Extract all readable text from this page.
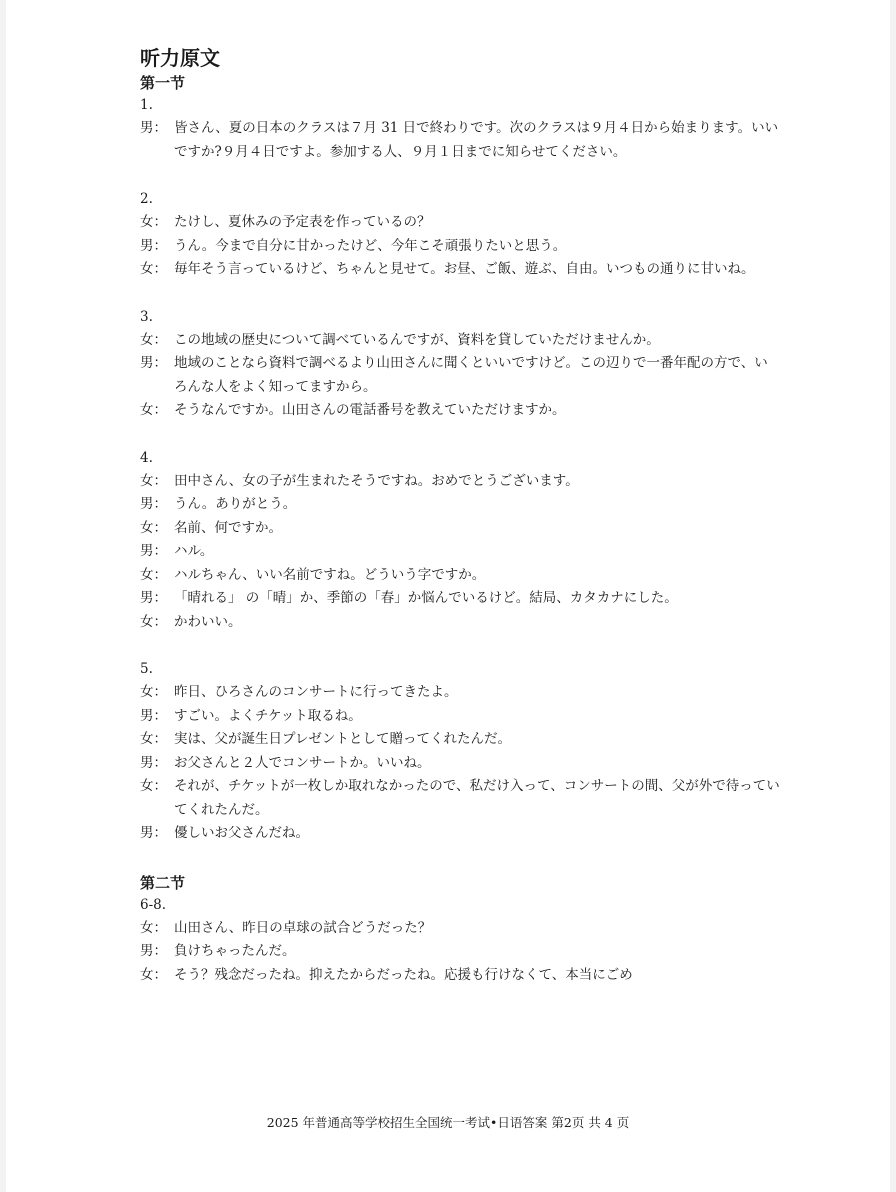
听力原文
第一节

1.

男： 皆さん、夏の日本のクラスは７月 31 日で終わりです。次のクラスは９月４日から始まります。いいですか?９月４日ですよ。参加する人、９月１日までに知らせてください。

2.

女： たけし、夏休みの予定表を作っているの？
男： うん。今まで自分に甘かったけど、今年こそ頑張りたいと思う。
女： 毎年そう言っているけど、ちゃんと見せて。お昼、ご飯、遊ぶ、自由。いつもの通りに甘いね。

3.

女： この地域の歴史について調べているんですが、資料を貸していただけませんか。
男： 地域のことなら資料で調べるより山田さんに聞くといいですけど。この辺りで一番年配の方で、いろんな人をよく知ってますから。
女： そうなんですか。山田さんの電話番号を教えていただけますか。

4.

女： 田中さん、女の子が生まれたそうですね。おめでとうございます。
男： うん。ありがとう。
女： 名前、何ですか。
男： ハル。
女： ハルちゃん、いい名前ですね。どういう字ですか。
男： 「晴れる」 の「晴」か、季節の「春」か悩んでいるけど。結局、カタカナにした。
女： かわいい。

5.

女： 昨日、ひろさんのコンサートに行ってきたよ。
男： すごい。よくチケット取るね。
女： 実は、父が誕生日プレゼントとして贈ってくれたんだ。
男： お父さんと２人でコンサートか。いいね。
女： それが、チケットが一枚しか取れなかったので、私だけ入って、コンサートの間、父が外で待っていてくれたんだ。
男： 優しいお父さんだね。
第二节

6-8.

女： 山田さん、昨日の卓球の試合どうだった？
男： 負けちゃったんだ。
女： そう？残念だったね。抑えたからだったね。応援も行けなくて、本当にごめ
2025 年普通高等学校招生全国统一考试•日语答案 第2页 共 4 页
